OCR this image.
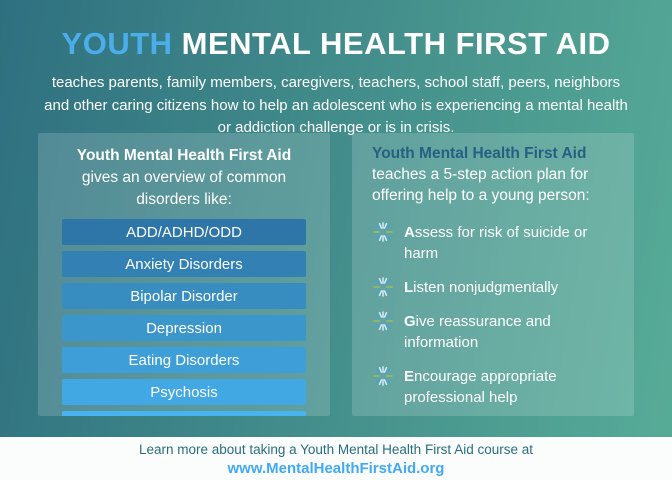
YOUTH MENTAL HEALTH FIRST AID
teaches parents, family members, caregivers, teachers, school staff, peers, neighbors and other caring citizens how to help an adolescent who is experiencing a mental health or addiction challenge or is in crisis.
Youth Mental Health First Aid gives an overview of common disorders like:
ADD/ADHD/ODD
Anxiety Disorders
Bipolar Disorder
Depression
Eating Disorders
Psychosis
Youth Mental Health First Aid teaches a 5-step action plan for offering help to a young person:
Assess for risk of suicide or harm
Listen nonjudgmentally
Give reassurance and information
Encourage appropriate professional help
Learn more about taking a Youth Mental Health First Aid course at
www.MentalHealthFirstAid.org
